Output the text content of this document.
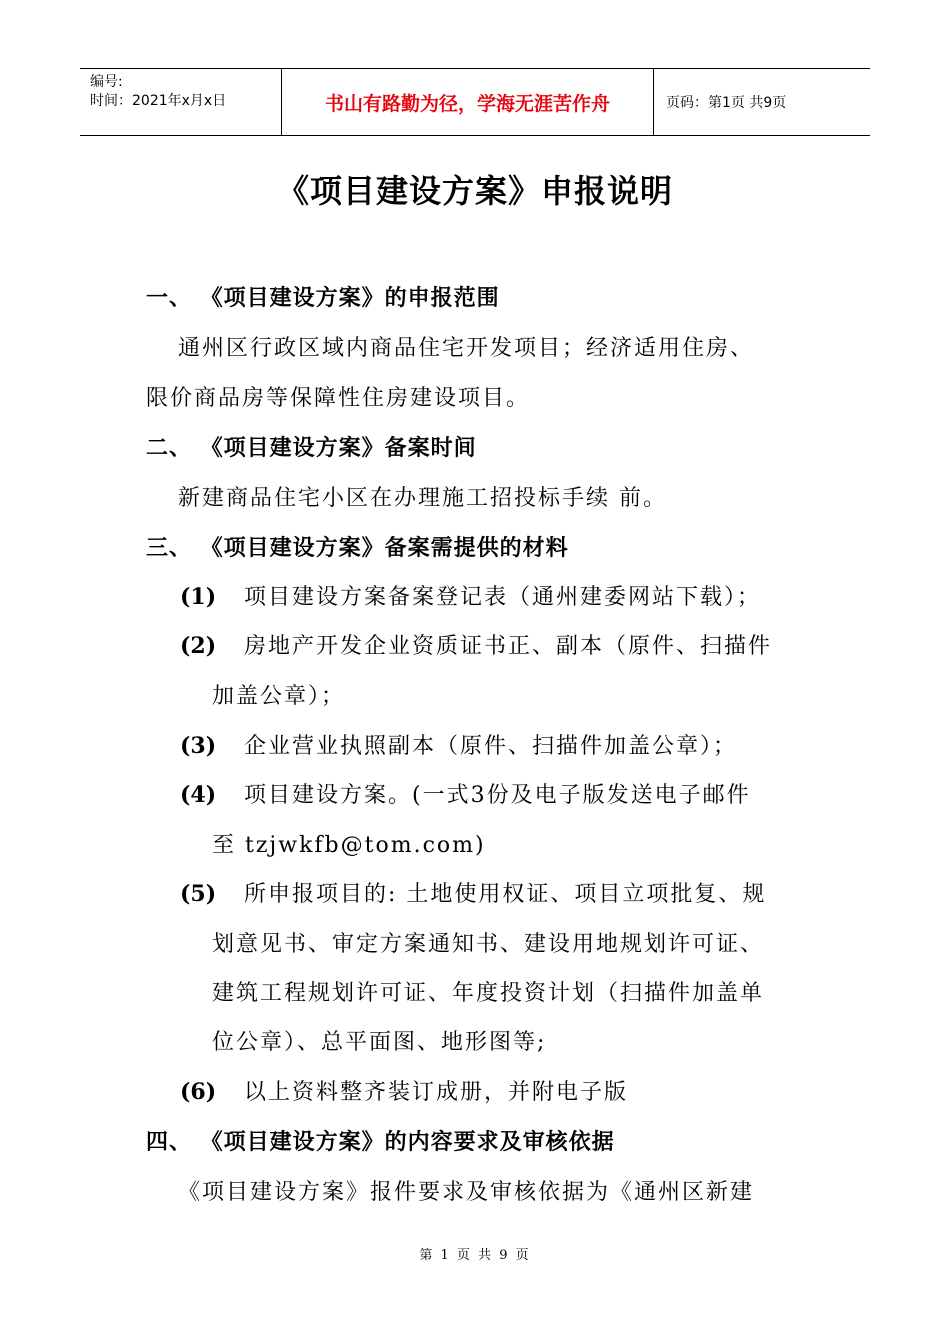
编号:
时间：2021年x月x日	书山有路勤为径，学海无涯苦作舟	页码：第1页 共9页
《项目建设方案》申报说明
一、 《项目建设方案》的申报范围
通州区行政区域内商品住宅开发项目；经济适用住房、
限价商品房等保障性住房建设项目。
二、 《项目建设方案》备案时间
新建商品住宅小区在办理施工招投标手续 前。
三、 《项目建设方案》备案需提供的材料
(1) 项目建设方案备案登记表（通州建委网站下载）；
(2) 房地产开发企业资质证书正、副本（原件、扫描件
加盖公章）；
(3) 企业营业执照副本（原件、扫描件加盖公章）；
(4) 项目建设方案。(一式3份及电子版发送电子邮件
至 tzjwkfb@tom.com)
(5) 所申报项目的: 土地使用权证、项目立项批复、规
划意见书、审定方案通知书、建设用地规划许可证、
建筑工程规划许可证、年度投资计划（扫描件加盖单
位公章）、总平面图、地形图等;
(6) 以上资料整齐装订成册，并附电子版
四、 《项目建设方案》的内容要求及审核依据
《项目建设方案》报件要求及审核依据为《通州区新建
第 1 页 共 9 页
